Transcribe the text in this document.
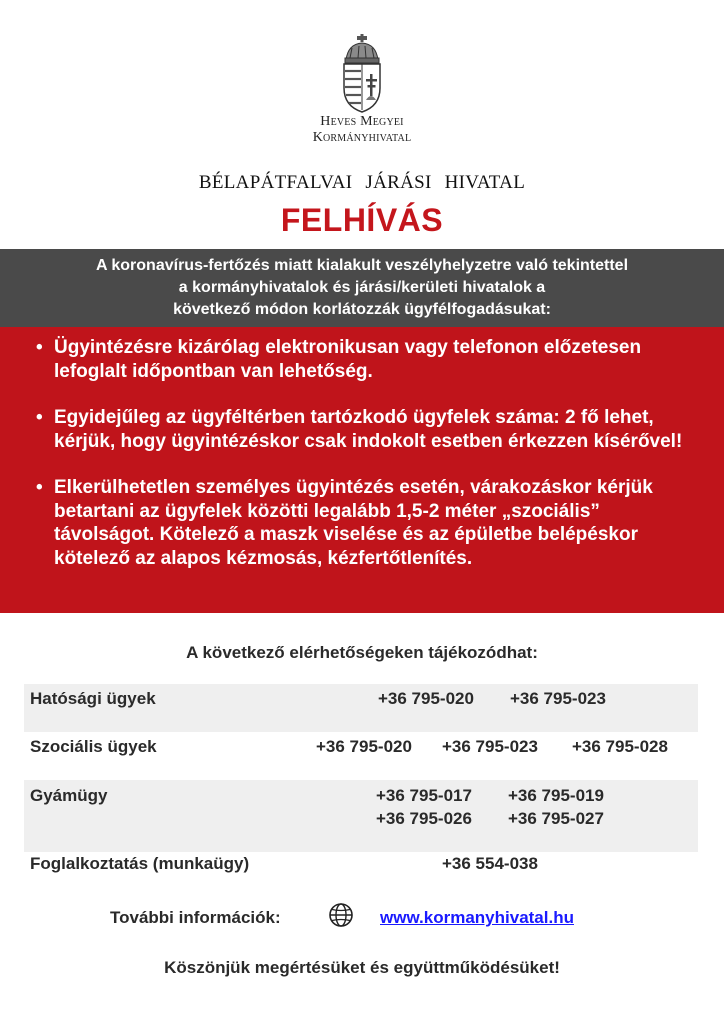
Heves Megyei
Kormányhivatal
BÉLAPÁTFALVAI JÁRÁSI HIVATAL
FELHÍVÁS
A koronavírus-fertőzés miatt kialakult veszélyhelyzetre való tekintettel
a kormányhivatalok és járási/kerületi hivatalok a
következő módon korlátozzák ügyfélfogadásukat:
• Ügyintézésre kizárólag elektronikusan vagy telefonon előzetesen lefoglalt időpontban van lehetőség.
• Egyidejűleg az ügyféltérben tartózkodó ügyfelek száma: 2 fő lehet, kérjük, hogy ügyintézéskor csak indokolt esetben érkezzen kísérővel!
• Elkerülhetetlen személyes ügyintézés esetén, várakozáskor kérjük betartani az ügyfelek közötti legalább 1,5-2 méter „szociális” távolságot. Kötelező a maszk viselése és az épületbe belépéskor kötelező az alapos kézmosás, kézfertőtlenítés.
A következő elérhetőségeken tájékozódhat:
Hatósági ügyek	+36 795-020 +36 795-023
Szociális ügyek	+36 795-020 +36 795-023 +36 795-028
Gyámügy	+36 795-017 +36 795-019
+36 795-026 +36 795-027
Foglalkoztatás (munkaügy)	+36 554-038
További információk:	www.kormanyhivatal.hu
Köszönjük megértésüket és együttműködésüket!
